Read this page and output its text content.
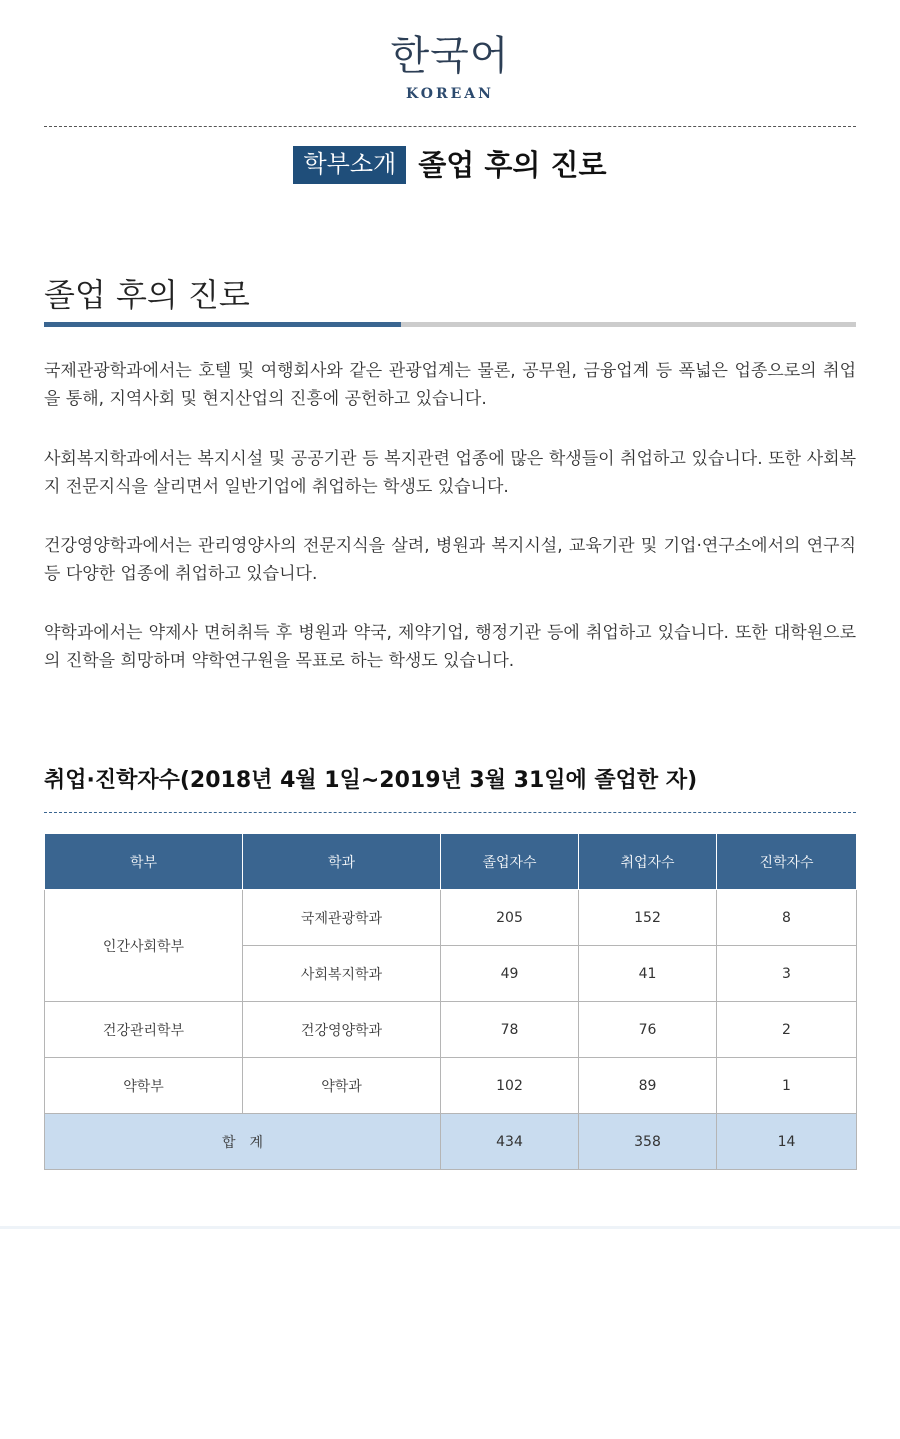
한국어
KOREAN
학부소개 졸업 후의 진로
졸업 후의 진로

국제관광학과에서는 호텔 및 여행회사와 같은 관광업계는 물론, 공무원, 금융업계 등 폭넓은 업종으로의 취업을 통해, 지역사회 및 현지산업의 진흥에 공헌하고 있습니다.

사회복지학과에서는 복지시설 및 공공기관 등 복지관련 업종에 많은 학생들이 취업하고 있습니다. 또한 사회복지 전문지식을 살리면서 일반기업에 취업하는 학생도 있습니다.

건강영양학과에서는 관리영양사의 전문지식을 살려, 병원과 복지시설, 교육기관 및 기업·연구소에서의 연구직 등 다양한 업종에 취업하고 있습니다.

약학과에서는 약제사 면허취득 후 병원과 약국, 제약기업, 행정기관 등에 취업하고 있습니다. 또한 대학원으로의 진학을 희망하며 약학연구원을 목표로 하는 학생도 있습니다.

취업·진학자수(2018년 4월 1일~2019년 3월 31일에 졸업한 자)
학부	학과	졸업자수	취업자수	진학자수
인간사회학부	국제관광학과	205	152	8
	사회복지학과	49	41	3
건강관리학부	건강영양학과	78	76	2
약학부	약학과	102	89	1
합　계		434	358	14
